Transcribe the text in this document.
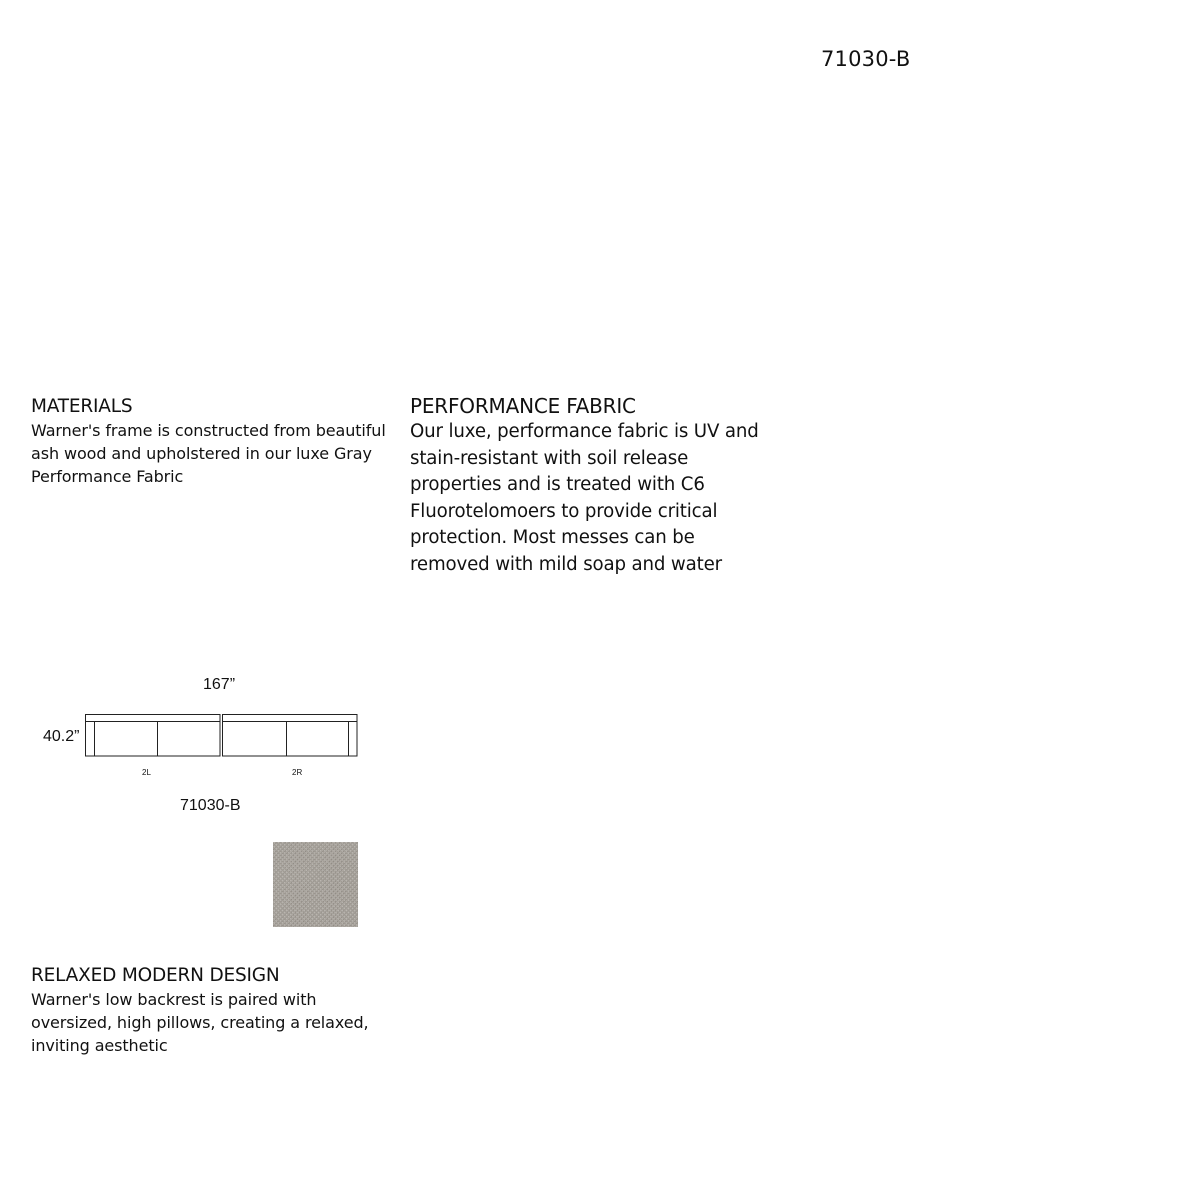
71030-B
MATERIALS

Warner's frame is constructed from beautiful ash wood and upholstered in our luxe Gray Performance Fabric

PERFORMANCE FABRIC

Our luxe, performance fabric is UV and stain-resistant with soil release properties and is treated with C6 Fluorotelomoers to provide critical protection. Most messes can be removed with mild soap and water

167”
40.2”
2L	2R
71030-B
RELAXED MODERN DESIGN

Warner's low backrest is paired with oversized, high pillows, creating a relaxed, inviting aesthetic
